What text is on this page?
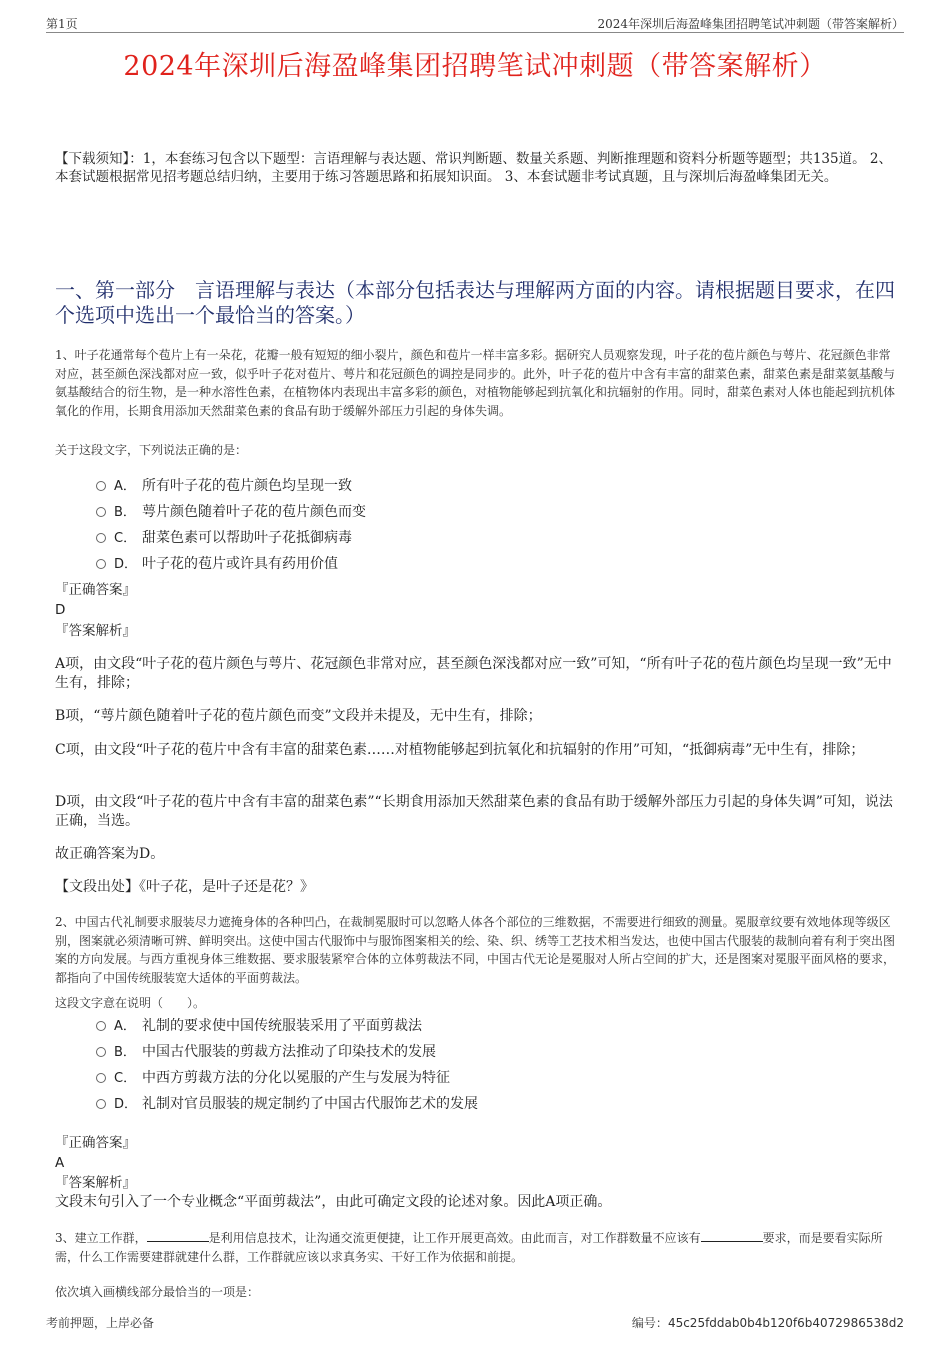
第1页	2024年深圳后海盈峰集团招聘笔试冲刺题（带答案解析）
2024年深圳后海盈峰集团招聘笔试冲刺题（带答案解析）
【下载须知】：1，本套练习包含以下题型：言语理解与表达题、常识判断题、数量关系题、判断推理题和资料分析题等题型；共135道。 2、本套试题根据常见招考题总结归纳，主要用于练习答题思路和拓展知识面。 3、本套试题非考试真题，且与深圳后海盈峰集团无关。
一、第一部分　言语理解与表达（本部分包括表达与理解两方面的内容。请根据题目要求，在四个选项中选出一个最恰当的答案。）
1、叶子花通常每个苞片上有一朵花，花瓣一般有短短的细小裂片，颜色和苞片一样丰富多彩。据研究人员观察发现，叶子花的苞片颜色与萼片、花冠颜色非常对应，甚至颜色深浅都对应一致，似乎叶子花对苞片、萼片和花冠颜色的调控是同步的。此外，叶子花的苞片中含有丰富的甜菜色素，甜菜色素是甜菜氨基酸与氨基酸结合的衍生物，是一种水溶性色素，在植物体内表现出丰富多彩的颜色，对植物能够起到抗氧化和抗辐射的作用。同时，甜菜色素对人体也能起到抗机体氧化的作用，长期食用添加天然甜菜色素的食品有助于缓解外部压力引起的身体失调。
关于这段文字，下列说法正确的是：
A． 所有叶子花的苞片颜色均呈现一致
B． 萼片颜色随着叶子花的苞片颜色而变
C． 甜菜色素可以帮助叶子花抵御病毒
D． 叶子花的苞片或许具有药用价值
『正确答案』
D
『答案解析』
A项，由文段“叶子花的苞片颜色与萼片、花冠颜色非常对应，甚至颜色深浅都对应一致”可知，“所有叶子花的苞片颜色均呈现一致”无中生有，排除；
B项，“萼片颜色随着叶子花的苞片颜色而变”文段并未提及，无中生有，排除；
C项，由文段“叶子花的苞片中含有丰富的甜菜色素……对植物能够起到抗氧化和抗辐射的作用”可知，“抵御病毒”无中生有，排除；
D项，由文段“叶子花的苞片中含有丰富的甜菜色素”“长期食用添加天然甜菜色素的食品有助于缓解外部压力引起的身体失调”可知，说法正确，当选。
故正确答案为D。
【文段出处】《叶子花，是叶子还是花？》
2、中国古代礼制要求服装尽力遮掩身体的各种凹凸，在裁制冕服时可以忽略人体各个部位的三维数据，不需要进行细致的测量。冕服章纹要有效地体现等级区别，图案就必须清晰可辨、鲜明突出。这使中国古代服饰中与服饰图案相关的绘、染、织、绣等工艺技术相当发达，也使中国古代服装的裁制向着有利于突出图案的方向发展。与西方重视身体三维数据、要求服装紧窄合体的立体剪裁法不同，中国古代无论是冕服对人所占空间的扩大，还是图案对冕服平面风格的要求，都指向了中国传统服装宽大适体的平面剪裁法。
这段文字意在说明（　　）。
A． 礼制的要求使中国传统服装采用了平面剪裁法
B． 中国古代服装的剪裁方法推动了印染技术的发展
C． 中西方剪裁方法的分化以冕服的产生与发展为特征
D． 礼制对官员服装的规定制约了中国古代服饰艺术的发展
『正确答案』
A
『答案解析』
文段末句引入了一个专业概念“平面剪裁法”，由此可确定文段的论述对象。因此A项正确。
3、建立工作群，	是利用信息技术，让沟通交流更便捷，让工作开展更高效。由此而言，对工作群数量不应该有	要求，而是要看实际所需，什么工作需要建群就建什么群，工作群就应该以求真务实、干好工作为依据和前提。
依次填入画横线部分最恰当的一项是：
考前押题，上岸必备	编号：45c25fddab0b4b120f6b4072986538d2
